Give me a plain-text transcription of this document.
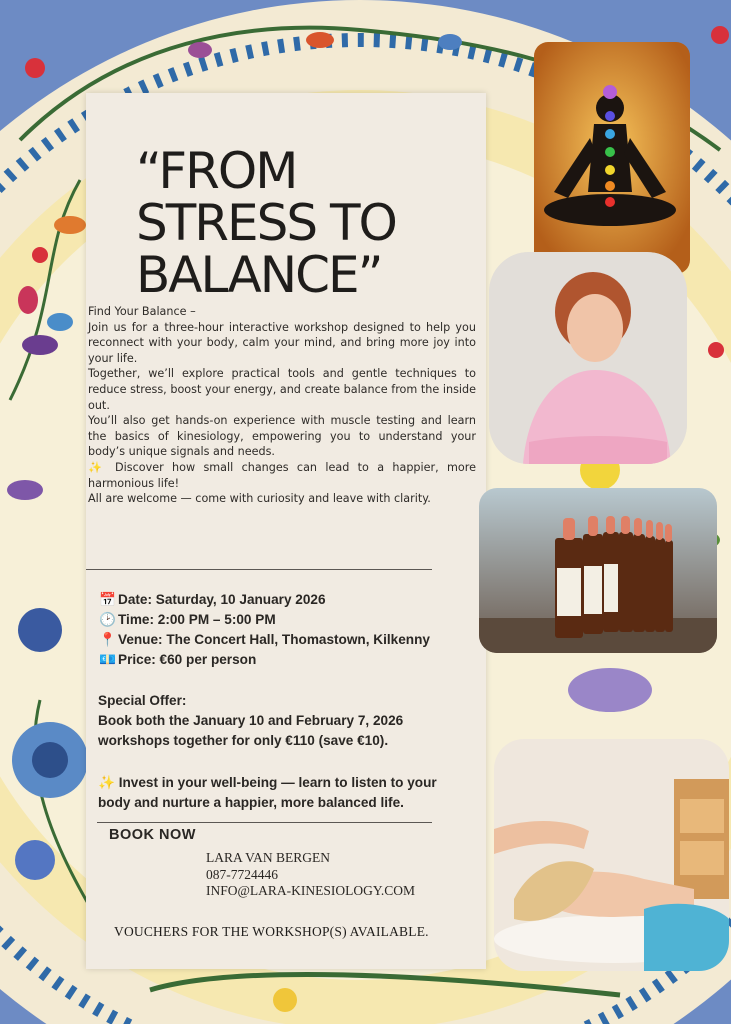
“FROM
STRESS TO
BALANCE”

Find Your Balance –

Join us for a three-hour interactive workshop designed to help you reconnect with your body, calm your mind, and bring more joy into your life.

Together, we’ll explore practical tools and gentle techniques to reduce stress, boost your energy, and create balance from the inside out.

You’ll also get hands-on experience with muscle testing and learn the basics of kinesiology, empowering you to understand your body’s unique signals and needs.

✨ Discover how small changes can lead to a happier, more harmonious life!

All are welcome — come with curiosity and leave with clarity.

📅 Date: Saturday, 10 January 2026
🕑 Time: 2:00 PM – 5:00 PM
📍 Venue: The Concert Hall, Thomastown, Kilkenny
💶 Price: €60 per person
Special Offer:
Book both the January 10 and February 7, 2026
workshops together for only €110 (save €10).
✨ Invest in your well-being — learn to listen to your
body and nurture a happier, more balanced life.
BOOK NOW
LARA VAN BERGEN
087-7724446
INFO@LARA-KINESIOLOGY.COM
VOUCHERS FOR THE WORKSHOP(S) AVAILABLE.
